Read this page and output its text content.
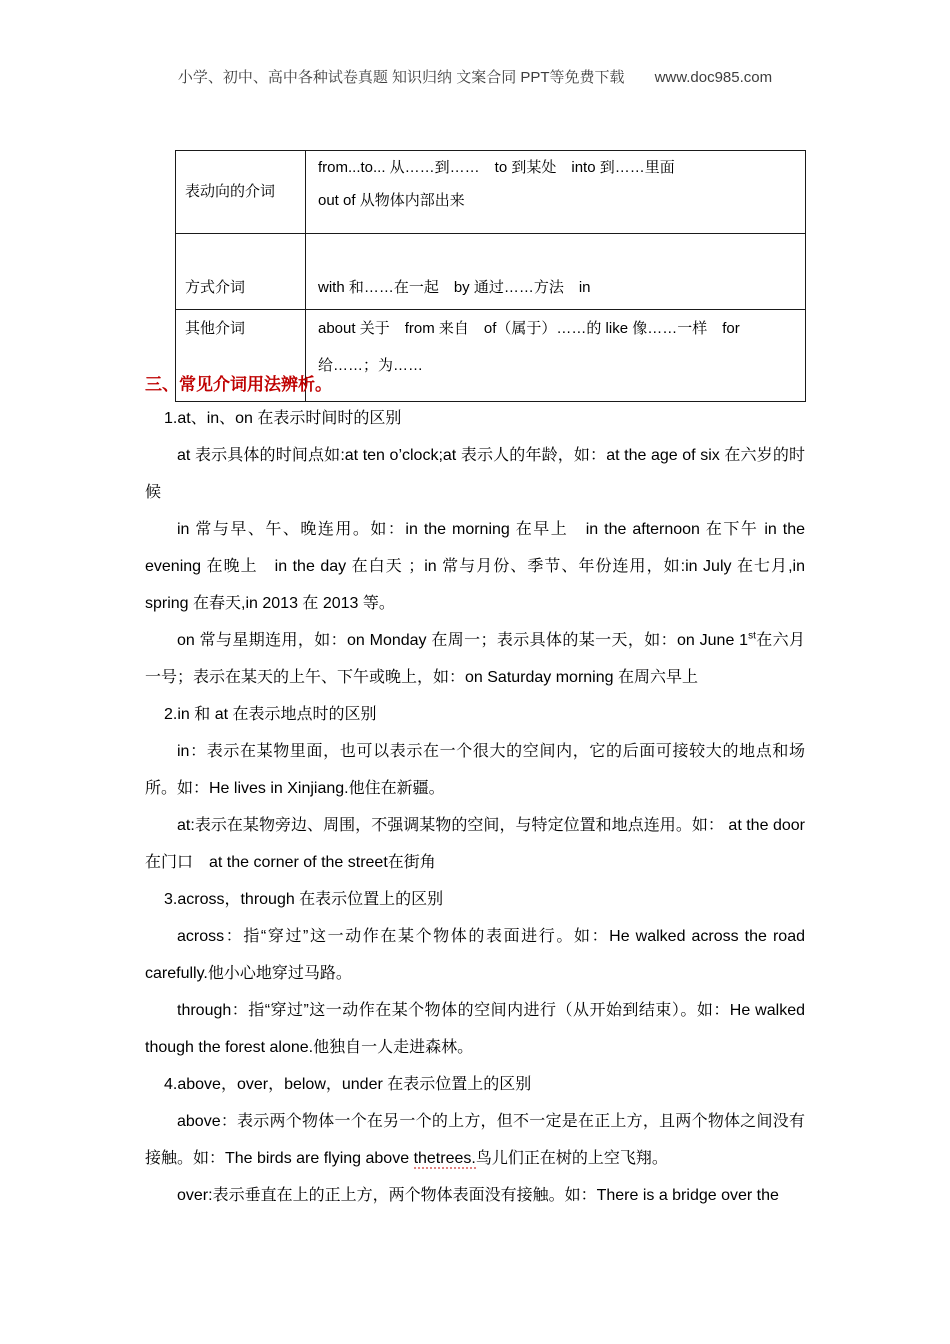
小学、初中、高中各种试卷真题 知识归纳 文案合同 PPT等免费下载 www.doc985.com
表动向的介词	from...to... 从……到……　to 到某处　into 到……里面
out of 从物体内部出来

方式介词	with 和……在一起　by 通过……方法　in

其他介词	about 关于　from 来自　of（属于）……的 like 像……一样　for
给……；为……
三、常见介词用法辨析。

1.at、in、on 在表示时间时的区别

at 表示具体的时间点如:at ten o’clock;at 表示人的年龄，如：at the age of six 在六岁的时候

in 常与早、午、晚连用。如：in the morning 在早上　in the afternoon 在下午 in the evening 在晚上　in the day 在白天 ；in 常与月份、季节、年份连用，如:in July 在七月,in spring 在春天,in 2013 在 2013 等。

on 常与星期连用，如：on Monday 在周一；表示具体的某一天，如：on June 1st在六月一号；表示在某天的上午、下午或晚上，如：on Saturday morning 在周六早上

2.in 和 at 在表示地点时的区别

in：表示在某物里面，也可以表示在一个很大的空间内，它的后面可接较大的地点和场所。如：He lives in Xinjiang.他住在新疆。

at:表示在某物旁边、周围，不强调某物的空间，与特定位置和地点连用。如： at the door 在门口　at the corner of the street在街角

3.across，through 在表示位置上的区别

across：指“穿过”这一动作在某个物体的表面进行。如：He walked across the road carefully.他小心地穿过马路。

through：指“穿过”这一动作在某个物体的空间内进行（从开始到结束）。如：He walked though the forest alone.他独自一人走进森林。

4.above，over，below，under 在表示位置上的区别

above：表示两个物体一个在另一个的上方，但不一定是在正上方，且两个物体之间没有接触。如：The birds are flying above thetrees.鸟儿们正在树的上空飞翔。

over:表示垂直在上的正上方，两个物体表面没有接触。如：There is a bridge over the
